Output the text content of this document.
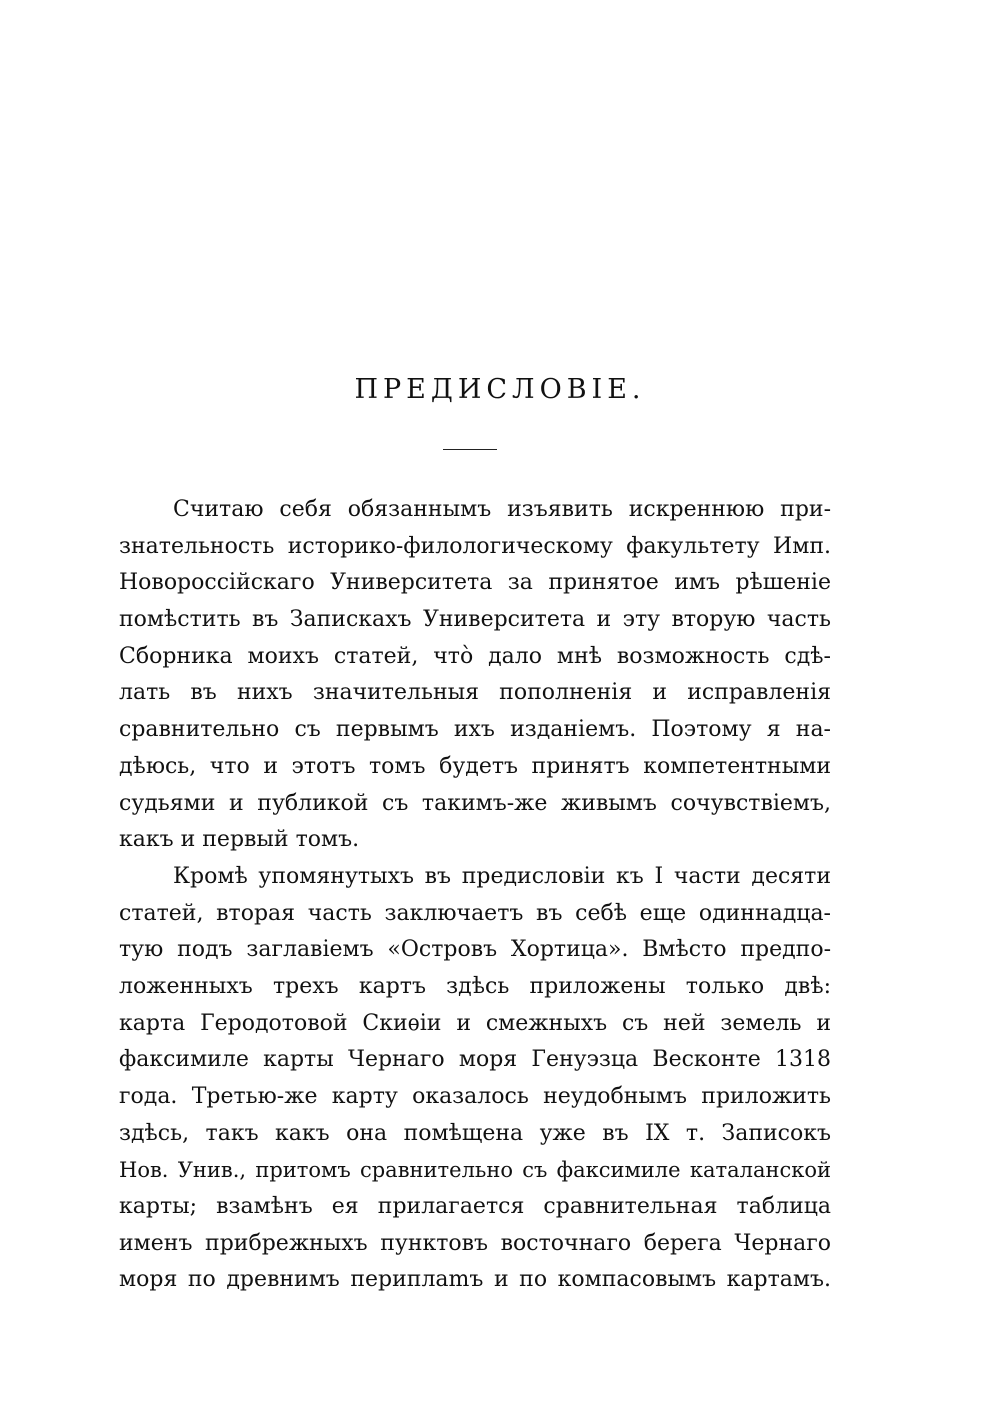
ПРЕДИСЛОВІЕ.
Считаю себя обязаннымъ изъявить искреннюю при-
знательность историко-филологическому факультету Имп.
Новороссійскаго Университета за принятое имъ рѣшеніе
помѣстить въ Запискахъ Университета и эту вторую часть
Сборника моихъ статей, что̀ дало мнѣ возможность сдѣ-
лать въ нихъ значительныя пополненія и исправленія
сравнительно съ первымъ ихъ изданіемъ. Поэтому я на-
дѣюсь, что и этотъ томъ будетъ принятъ компетентными
судьями и публикой съ такимъ-же живымъ сочувствіемъ,
какъ и первый томъ.
Кромѣ упомянутыхъ въ предисловіи къ I части десяти
статей, вторая часть заключаетъ въ себѣ еще одиннадца-
тую подъ заглавіемъ «Островъ Хортица». Вмѣсто предпо-
ложенныхъ трехъ картъ здѣсь приложены только двѣ:
карта Геродотовой Скиѳіи и смежныхъ съ ней земель и
факсимиле карты Чернаго моря Генуэзца Весконте 1318
года. Третью-же карту оказалось неудобнымъ приложить
здѣсь, такъ какъ она помѣщена уже въ IX т. Записокъ
Нов. Унив., притомъ сравнительно съ факсимиле каталанской
карты; взамѣнъ ея прилагается сравнительная таблица
именъ прибрежныхъ пунктовъ восточнаго берега Чернаго
моря по древнимъ периплamъ и по компасовымъ картамъ.
